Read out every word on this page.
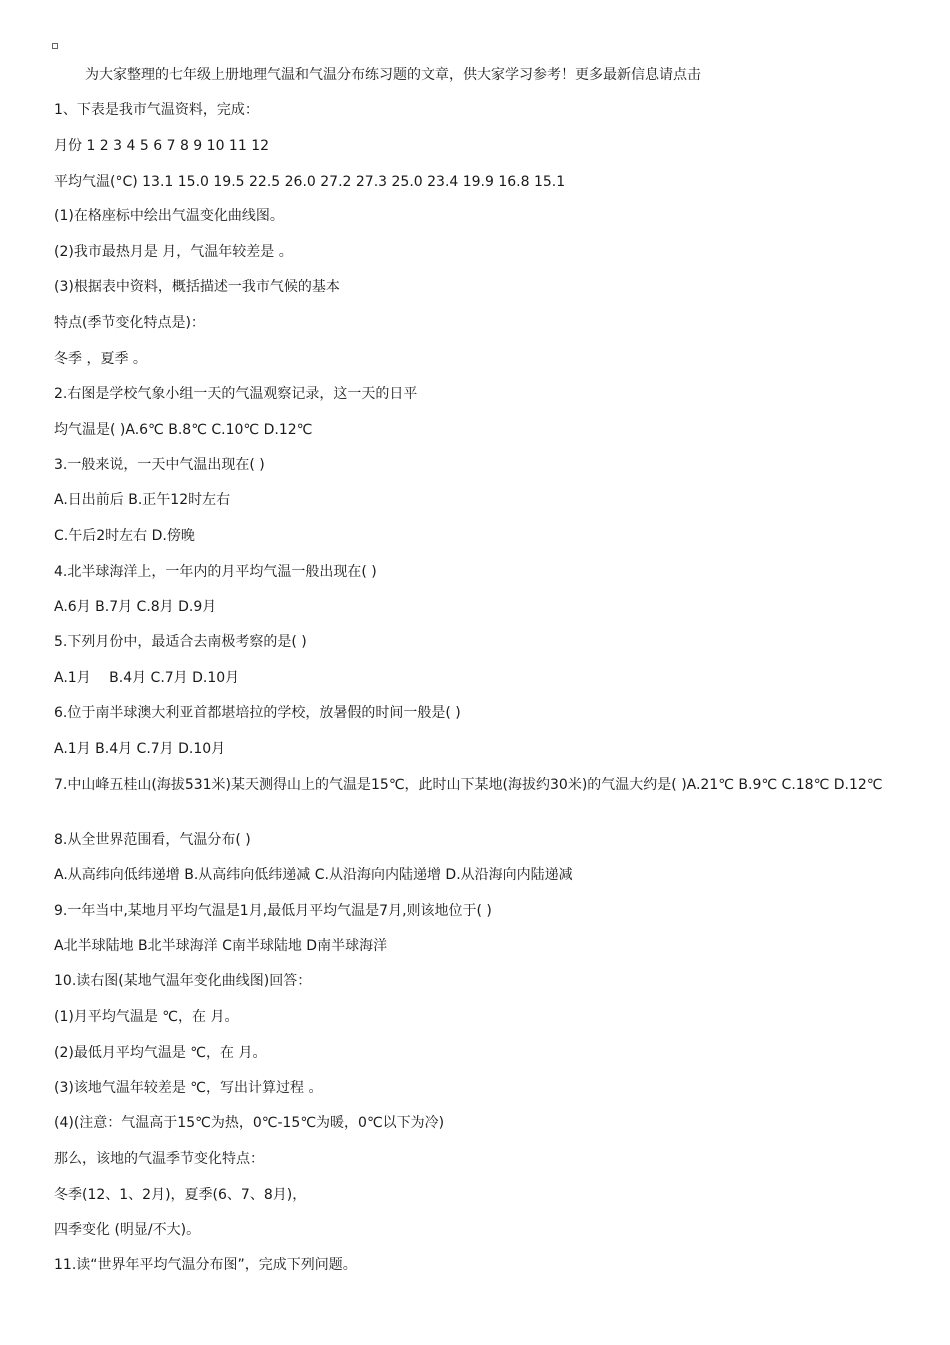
为大家整理的七年级上册地理气温和气温分布练习题的文章，供大家学习参考！更多最新信息请点击
1、下表是我市气温资料，完成：
月份 1 2 3 4 5 6 7 8 9 10 11 12
平均气温(°C) 13.1 15.0 19.5 22.5 26.0 27.2 27.3 25.0 23.4 19.9 16.8 15.1
(1)在格座标中绘出气温变化曲线图。
(2)我市最热月是 月，气温年较差是 。
(3)根据表中资料，概括描述一我市气候的基本
特点(季节变化特点是)：
冬季 ，夏季 。
2.右图是学校气象小组一天的气温观察记录，这一天的日平
均气温是( )A.6℃ B.8℃ C.10℃ D.12℃
3.一般来说，一天中气温出现在( )
A.日出前后 B.正午12时左右
C.午后2时左右 D.傍晚
4.北半球海洋上，一年内的月平均气温一般出现在( )
A.6月 B.7月 C.8月 D.9月
5.下列月份中，最适合去南极考察的是( )
A.1月　 B.4月 C.7月 D.10月
6.位于南半球澳大利亚首都堪培拉的学校，放暑假的时间一般是( )
A.1月 B.4月 C.7月 D.10月
7.中山峰五桂山(海拔531米)某天测得山上的气温是15℃，此时山下某地(海拔约30米)的气温大约是( )A.21℃ B.9℃ C.18℃ D.12℃
8.从全世界范围看，气温分布( )
A.从高纬向低纬递增 B.从高纬向低纬递减 C.从沿海向内陆递增 D.从沿海向内陆递减
9.一年当中,某地月平均气温是1月,最低月平均气温是7月,则该地位于( )
A北半球陆地 B北半球海洋 C南半球陆地 D南半球海洋
10.读右图(某地气温年变化曲线图)回答：
(1)月平均气温是 ℃，在 月。
(2)最低月平均气温是 ℃，在 月。
(3)该地气温年较差是 ℃，写出计算过程 。
(4)(注意：气温高于15℃为热，0℃-15℃为暖，0℃以下为冷)
那么，该地的气温季节变化特点：
冬季(12、1、2月)，夏季(6、7、8月)，
四季变化 (明显/不大)。
11.读“世界年平均气温分布图”，完成下列问题。
